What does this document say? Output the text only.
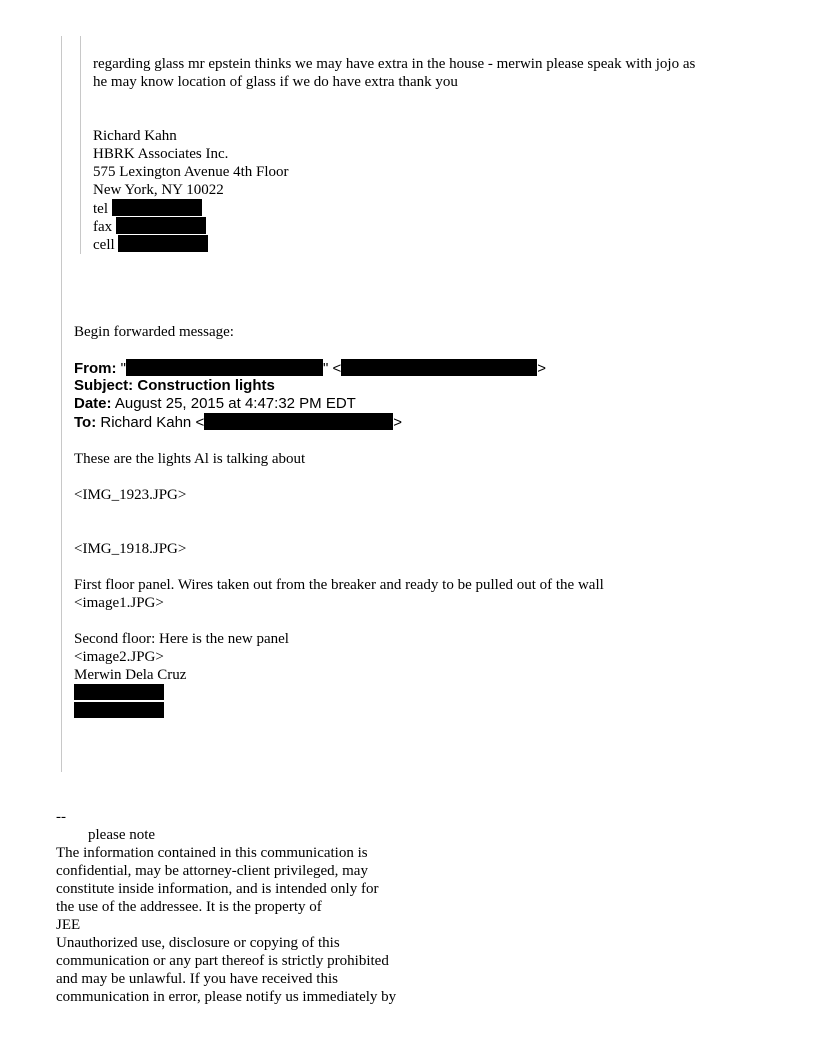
regarding glass mr epstein thinks we may have extra in the house - merwin please speak with jojo as
he may know location of glass if we do have extra thank you
Richard Kahn
HBRK Associates Inc.
575 Lexington Avenue 4th Floor
New York, NY 10022
tel
fax
cell
Begin forwarded message:
From: "	" <	>
Subject: Construction lights
Date: August 25, 2015 at 4:47:32 PM EDT
To: Richard Kahn <	>
These are the lights Al is talking about
<IMG_1923.JPG>
<IMG_1918.JPG>
First floor panel. Wires taken out from the breaker and ready to be pulled out of the wall
<image1.JPG>
Second floor: Here is the new panel
<image2.JPG>
Merwin Dela Cruz
--
please note
The information contained in this communication is
confidential, may be attorney-client privileged, may
constitute inside information, and is intended only for
the use of the addressee. It is the property of
JEE
Unauthorized use, disclosure or copying of this
communication or any part thereof is strictly prohibited
and may be unlawful. If you have received this
communication in error, please notify us immediately by
